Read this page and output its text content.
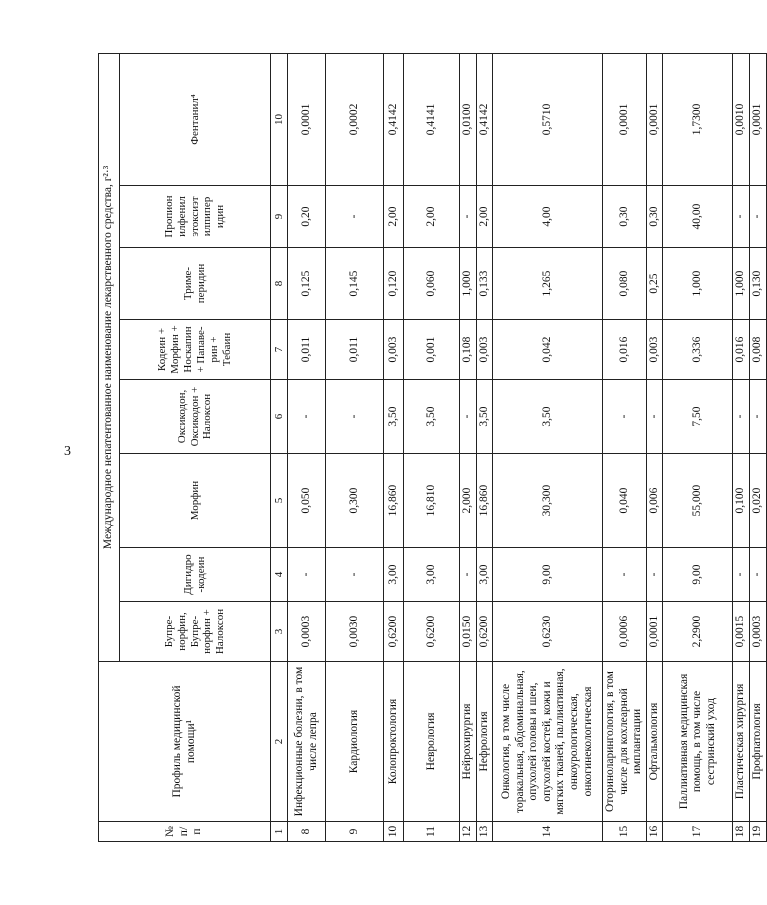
3
№ п/п	Профиль медицинской помощи¹	Международное непатентованное наименование лекарственного средства, г²·³							
		Бупре-норфин, Бупре-норфин + Налоксон	Дигидро -кодеин	Морфин	Оксикодон, Оксикодон + Налоксон	Кодеин + Морфин + Носкапин + Папаве-рин + Тебаин	Триме-перидин	Пропион илфенил этоксиэт илпипер идин	Фентанил⁴
1	2	3	4	5	6	7	8	9	10
8	Инфекционные болезни, в том числе лепра	0,0003	-	0,050	-	0,011	0,125	0,20	0,0001
9	Кардиология	0,0030	-	0,300	-	0,011	0,145	-	0,0002
10	Колопроктология	0,6200	3,00	16,860	3,50	0,003	0,120	2,00	0,4142
11	Неврология	0,6200	3,00	16,810	3,50	0,001	0,060	2,00	0,4141
12	Нейрохирургия	0,0150	-	2,000	-	0,108	1,000	-	0,0100
13	Нефрология	0,6200	3,00	16,860	3,50	0,003	0,133	2,00	0,4142
14	Онкология, в том числе торакальная, абдоминальная, опухолей головы и шеи, опухолей костей, кожи и мягких тканей, паллиативная, онкоурологическая, онкогинекологическая	0,6230	9,00	30,300	3,50	0,042	1,265	4,00	0,5710
15	Оториноларингология, в том числе для кохлеарной имплантации	0,0006	-	0,040	-	0,016	0,080	0,30	0,0001
16	Офтальмология	0,0001	-	0,006	-	0,003	0,25	0,30	0,0001
17	Паллиативная медицинская помощь, в том числе сестринский уход	2,2900	9,00	55,000	7,50	0,336	1,000	40,00	1,7300
18	Пластическая хирургия	0,0015	-	0,100	-	0,016	1,000	-	0,0010
19	Профпатология	0,0003	-	0,020	-	0,008	0,130	-	0,0001
